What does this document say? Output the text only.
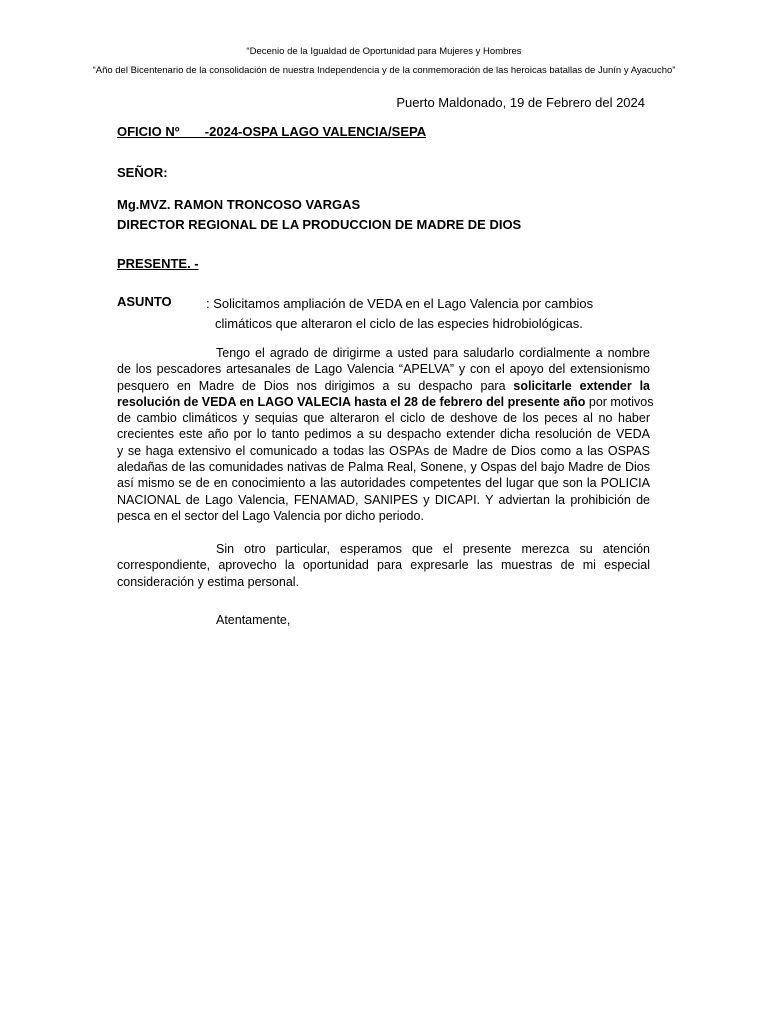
“Decenio de la Igualdad de Oportunidad para Mujeres y Hombres
“Año del Bicentenario de la consolidación de nuestra Independencia y de la conmemoración de las heroicas batallas de Junín y Ayacucho”
Puerto Maldonado, 19 de Febrero del 2024
OFICIO Nº       -2024-OSPA LAGO VALENCIA/SEPA
SEÑOR:
Mg.MVZ. RAMON TRONCOSO VARGAS
DIRECTOR REGIONAL DE LA PRODUCCION DE MADRE DE DIOS
PRESENTE. -
ASUNTO	: Solicitamos ampliación de VEDA en el Lago Valencia por cambios
climáticos que alteraron el ciclo de las especies hidrobiológicas.
Tengo el agrado de dirigirme a usted para saludarlo cordialmente a nombre
de los pescadores artesanales de Lago Valencia “APELVA” y con el apoyo del extensionismo
pesquero en Madre de Dios nos dirigimos a su despacho para solicitarle extender la
resolución de VEDA en LAGO VALECIA hasta el 28 de febrero del presente año por motivos
de cambio climáticos y sequias que alteraron el ciclo de deshove de los peces al no haber
crecientes este año por lo tanto pedimos a su despacho extender dicha resolución de VEDA
y se haga extensivo el comunicado a todas las OSPAs de Madre de Dios como a las OSPAS
aledañas de las comunidades nativas de Palma Real, Sonene, y Ospas del bajo Madre de Dios
así mismo se de en conocimiento a las autoridades competentes del lugar que son la POLICIA
NACIONAL de Lago Valencia, FENAMAD, SANIPES y DICAPI. Y adviertan la prohibición de
pesca en el sector del Lago Valencia por dicho periodo.
Sin otro particular, esperamos que el presente merezca su atención
correspondiente, aprovecho la oportunidad para expresarle las muestras de mi especial
consideración y estima personal.
Atentamente,
